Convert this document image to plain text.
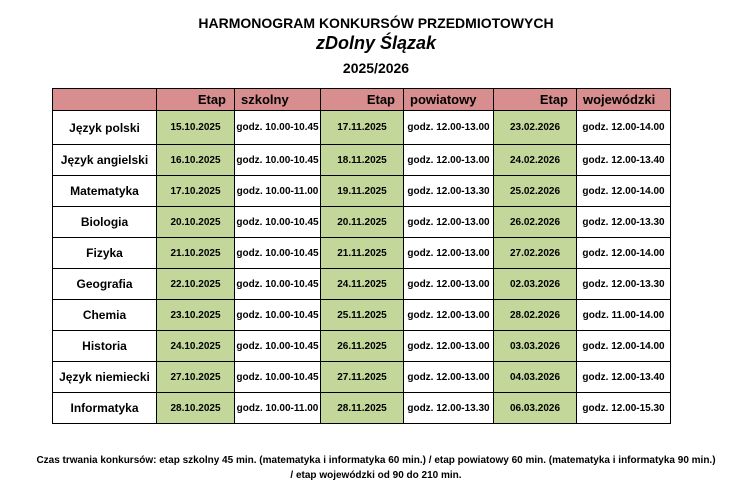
HARMONOGRAM KONKURSÓW PRZEDMIOTOWYCH
zDolny Ślązak
2025/2026
	Etap	szkolny	Etap	powiatowy	Etap	wojewódzki
Język polski	15.10.2025	godz. 10.00-10.45	17.11.2025	godz. 12.00-13.00	23.02.2026	godz. 12.00-14.00
Język angielski	16.10.2025	godz. 10.00-10.45	18.11.2025	godz. 12.00-13.00	24.02.2026	godz. 12.00-13.40
Matematyka	17.10.2025	godz. 10.00-11.00	19.11.2025	godz. 12.00-13.30	25.02.2026	godz. 12.00-14.00
Biologia	20.10.2025	godz. 10.00-10.45	20.11.2025	godz. 12.00-13.00	26.02.2026	godz. 12.00-13.30
Fizyka	21.10.2025	godz. 10.00-10.45	21.11.2025	godz. 12.00-13.00	27.02.2026	godz. 12.00-14.00
Geografia	22.10.2025	godz. 10.00-10.45	24.11.2025	godz. 12.00-13.00	02.03.2026	godz. 12.00-13.30
Chemia	23.10.2025	godz. 10.00-10.45	25.11.2025	godz. 12.00-13.00	28.02.2026	godz. 11.00-14.00
Historia	24.10.2025	godz. 10.00-10.45	26.11.2025	godz. 12.00-13.00	03.03.2026	godz. 12.00-14.00
Język niemiecki	27.10.2025	godz. 10.00-10.45	27.11.2025	godz. 12.00-13.00	04.03.2026	godz. 12.00-13.40
Informatyka	28.10.2025	godz. 10.00-11.00	28.11.2025	godz. 12.00-13.30	06.03.2026	godz. 12.00-15.30
Czas trwania konkursów: etap szkolny 45 min. (matematyka i informatyka 60 min.) / etap powiatowy 60 min. (matematyka i informatyka 90 min.)
/ etap wojewódzki od 90 do 210 min.
